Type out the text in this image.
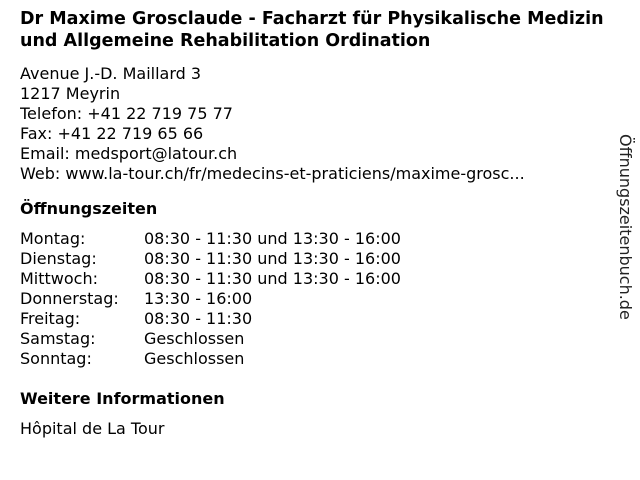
Dr Maxime Grosclaude - Facharzt für Physikalische Medizin und Allgemeine Rehabilitation Ordination
Avenue J.-D. Maillard 3
1217 Meyrin
Telefon: +41 22 719 75 77
Fax: +41 22 719 65 66
Email: medsport@latour.ch
Web: www.la-tour.ch/fr/medecins-et-praticiens/maxime-grosc...
Öffnungszeiten
Montag:	08:30 - 11:30 und 13:30 - 16:00
Dienstag:	08:30 - 11:30 und 13:30 - 16:00
Mittwoch:	08:30 - 11:30 und 13:30 - 16:00
Donnerstag:	13:30 - 16:00
Freitag:	08:30 - 11:30
Samstag:	Geschlossen
Sonntag:	Geschlossen
Weitere Informationen
Hôpital de La Tour
Öffnungszeitenbuch.de
